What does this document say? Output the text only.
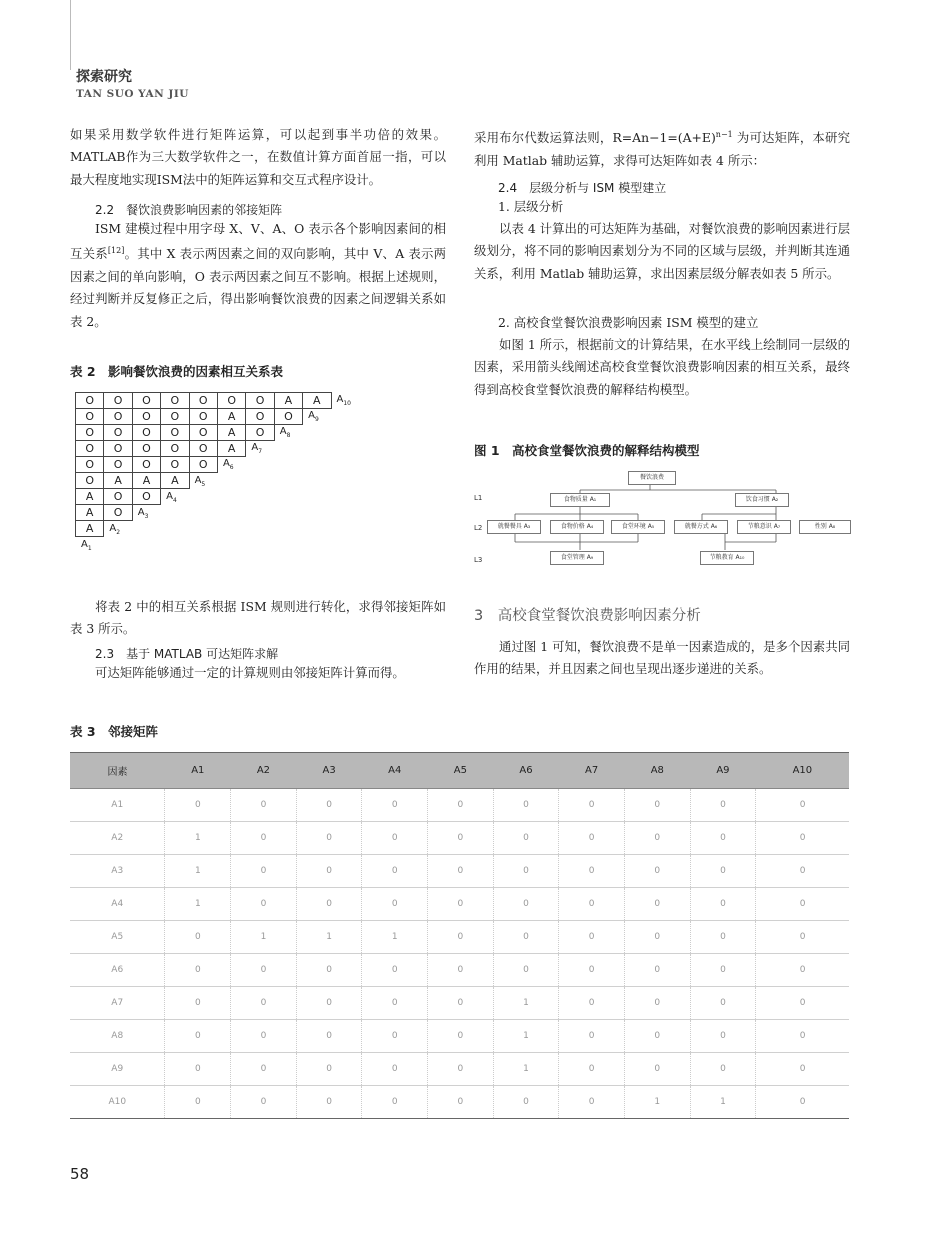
探索研究
TAN SUO YAN JIU
如果采用数学软件进行矩阵运算，可以起到事半功倍的效果。MATLAB作为三大数学软件之一，在数值计算方面首屈一指，可以最大程度地实现ISM法中的矩阵运算和交互式程序设计。
2.2　餐饮浪费影响因素的邻接矩阵
ISM 建模过程中用字母 X、V、A、O 表示各个影响因素间的相互关系[12]。其中 X 表示两因素之间的双向影响，其中 V、A 表示两因素之间的单向影响，O 表示两因素之间互不影响。根据上述规则，经过判断并反复修正之后，得出影响餐饮浪费的因素之间逻辑关系如表 2。
表 2　影响餐饮浪费的因素相互关系表
O	O	O	O	O	O	O	A	A	$A_{10}$
O	O	O	O	O	A	O	O	$A_9$
O	O	O	O	O	A	O	$A_8$
O	O	O	O	O	A	$A_7$
O	O	O	O	O	$A_6$
O	A	A	A	$A_5$
A	O	O	$A_4$
A	O	$A_3$
A	$A_2$
$A_1$
将表 2 中的相互关系根据 ISM 规则进行转化，求得邻接矩阵如表 3 所示。
2.3　基于 MATLAB 可达矩阵求解
可达矩阵能够通过一定的计算规则由邻接矩阵计算而得。
采用布尔代数运算法则，$R=An-1=(A+E)^{n-1}$ 为可达矩阵，本研究利用 Matlab 辅助运算，求得可达矩阵如表 4 所示：
2.4　层级分析与 ISM 模型建立
1. 层级分析
以表 4 计算出的可达矩阵为基础，对餐饮浪费的影响因素进行层级划分，将不同的影响因素划分为不同的区域与层级，并判断其连通关系，利用 Matlab 辅助运算，求出因素层级分解表如表 5 所示。
2. 高校食堂餐饮浪费影响因素 ISM 模型的建立
如图 1 所示，根据前文的计算结果，在水平线上绘制同一层级的因素，采用箭头线阐述高校食堂餐饮浪费影响因素的相互关系，最终得到高校食堂餐饮浪费的解释结构模型。
图 1　高校食堂餐饮浪费的解释结构模型
L1
L2
L3
餐饮浪费
食物质量 A₁	饮食习惯 A₂
就餐餐具 A₃	食物价格 A₄	食堂环境 A₅	就餐方式 A₆	节粮意识 A₇	性别 A₈
食堂管理 A₉	节粮教育 A₁₀
3　高校食堂餐饮浪费影响因素分析
通过图 1 可知，餐饮浪费不是单一因素造成的，是多个因素共同作用的结果，并且因素之间也呈现出逐步递进的关系。
表 3　邻接矩阵
因素	A1	A2	A3	A4	A5	A6	A7	A8	A9	A10
A1	0	0	0	0	0	0	0	0	0	0
A2	1	0	0	0	0	0	0	0	0	0
A3	1	0	0	0	0	0	0	0	0	0
A4	1	0	0	0	0	0	0	0	0	0
A5	0	1	1	1	0	0	0	0	0	0
A6	0	0	0	0	0	0	0	0	0	0
A7	0	0	0	0	0	1	0	0	0	0
A8	0	0	0	0	0	1	0	0	0	0
A9	0	0	0	0	0	1	0	0	0	0
A10	0	0	0	0	0	0	0	1	1	0
58
